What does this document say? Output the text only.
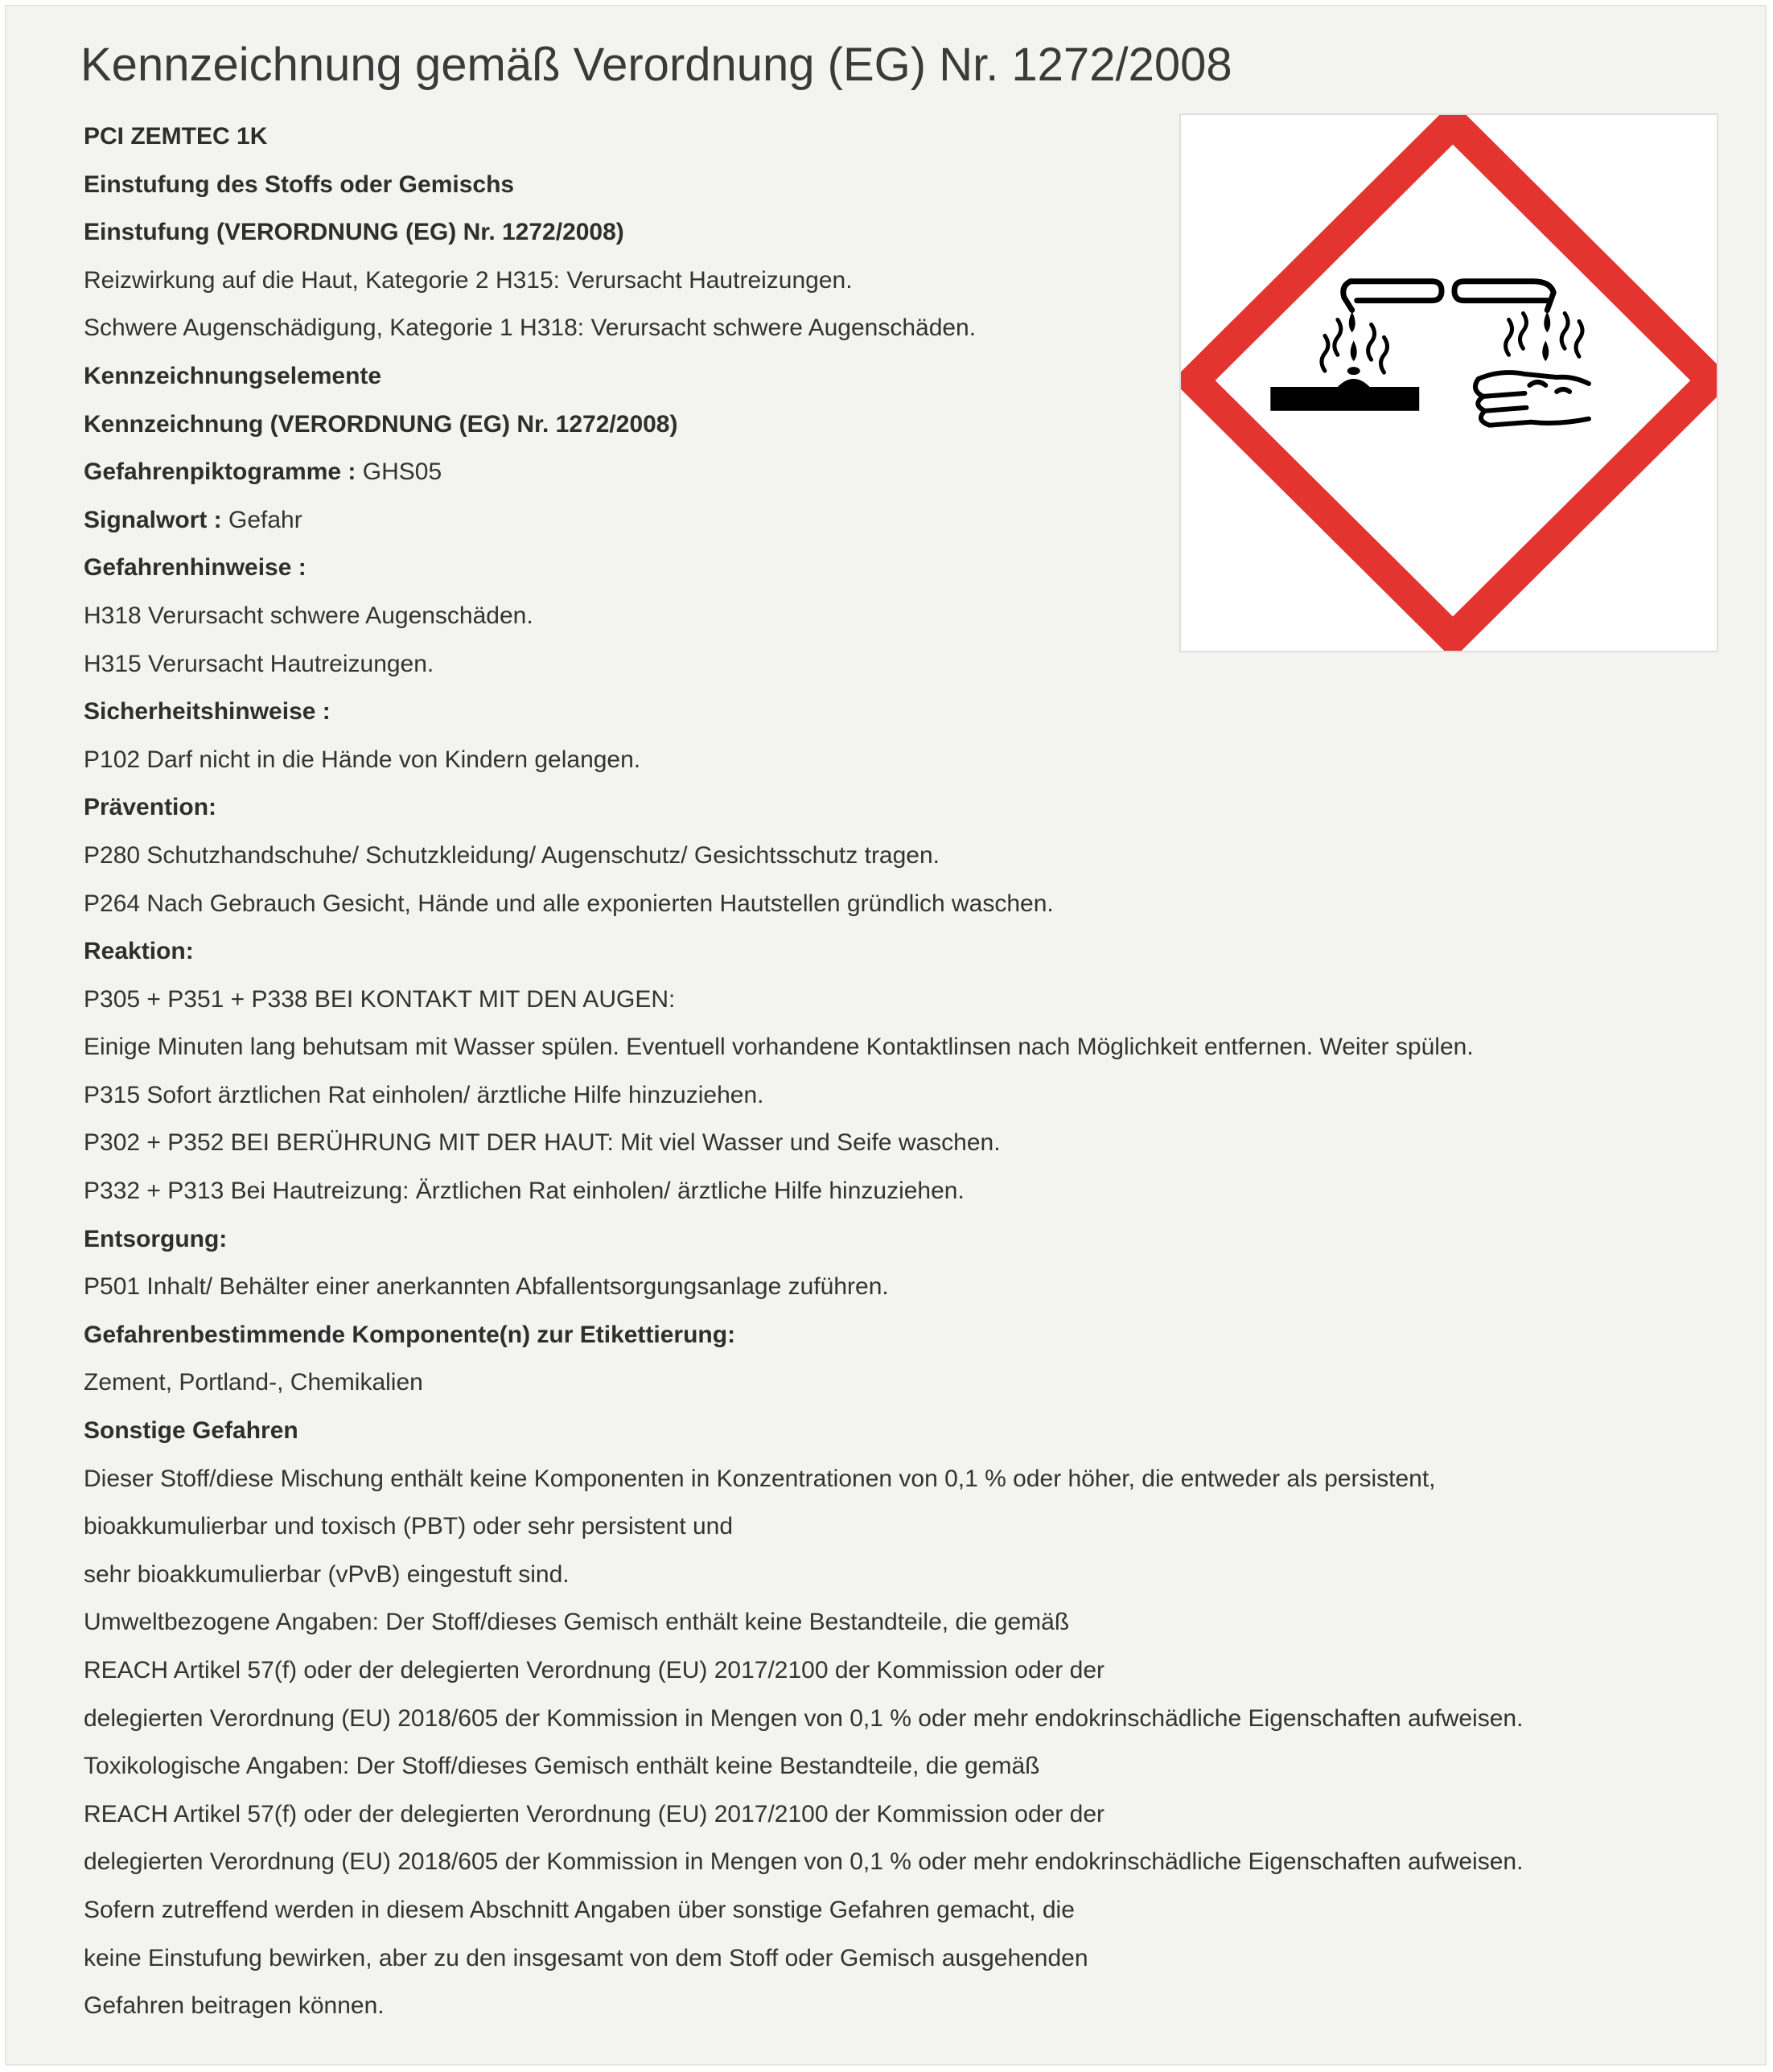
Kennzeichnung gemäß Verordnung (EG) Nr. 1272/2008
PCI ZEMTEC 1K
Einstufung des Stoffs oder Gemischs
Einstufung (VERORDNUNG (EG) Nr. 1272/2008)
Reizwirkung auf die Haut, Kategorie 2 H315: Verursacht Hautreizungen.
Schwere Augenschädigung, Kategorie 1 H318: Verursacht schwere Augenschäden.
Kennzeichnungselemente
Kennzeichnung (VERORDNUNG (EG) Nr. 1272/2008)
Gefahrenpiktogramme : GHS05
Signalwort : Gefahr
Gefahrenhinweise :
H318 Verursacht schwere Augenschäden.
H315 Verursacht Hautreizungen.
Sicherheitshinweise :
P102 Darf nicht in die Hände von Kindern gelangen.
Prävention:
P280 Schutzhandschuhe/ Schutzkleidung/ Augenschutz/ Gesichtsschutz tragen.
P264 Nach Gebrauch Gesicht, Hände und alle exponierten Hautstellen gründlich waschen.
Reaktion:
P305 + P351 + P338 BEI KONTAKT MIT DEN AUGEN:
Einige Minuten lang behutsam mit Wasser spülen. Eventuell vorhandene Kontaktlinsen nach Möglichkeit entfernen. Weiter spülen.
P315 Sofort ärztlichen Rat einholen/ ärztliche Hilfe hinzuziehen.
P302 + P352 BEI BERÜHRUNG MIT DER HAUT: Mit viel Wasser und Seife waschen.
P332 + P313 Bei Hautreizung: Ärztlichen Rat einholen/ ärztliche Hilfe hinzuziehen.
Entsorgung:
P501 Inhalt/ Behälter einer anerkannten Abfallentsorgungsanlage zuführen.
Gefahrenbestimmende Komponente(n) zur Etikettierung:
Zement, Portland-, Chemikalien
Sonstige Gefahren
Dieser Stoff/diese Mischung enthält keine Komponenten in Konzentrationen von 0,1 % oder höher, die entweder als persistent,
bioakkumulierbar und toxisch (PBT) oder sehr persistent und
sehr bioakkumulierbar (vPvB) eingestuft sind.
Umweltbezogene Angaben: Der Stoff/dieses Gemisch enthält keine Bestandteile, die gemäß
REACH Artikel 57(f) oder der delegierten Verordnung (EU) 2017/2100 der Kommission oder der
delegierten Verordnung (EU) 2018/605 der Kommission in Mengen von 0,1 % oder mehr endokrinschädliche Eigenschaften aufweisen.
Toxikologische Angaben: Der Stoff/dieses Gemisch enthält keine Bestandteile, die gemäß
REACH Artikel 57(f) oder der delegierten Verordnung (EU) 2017/2100 der Kommission oder der
delegierten Verordnung (EU) 2018/605 der Kommission in Mengen von 0,1 % oder mehr endokrinschädliche Eigenschaften aufweisen.
Sofern zutreffend werden in diesem Abschnitt Angaben über sonstige Gefahren gemacht, die
keine Einstufung bewirken, aber zu den insgesamt von dem Stoff oder Gemisch ausgehenden
Gefahren beitragen können.
